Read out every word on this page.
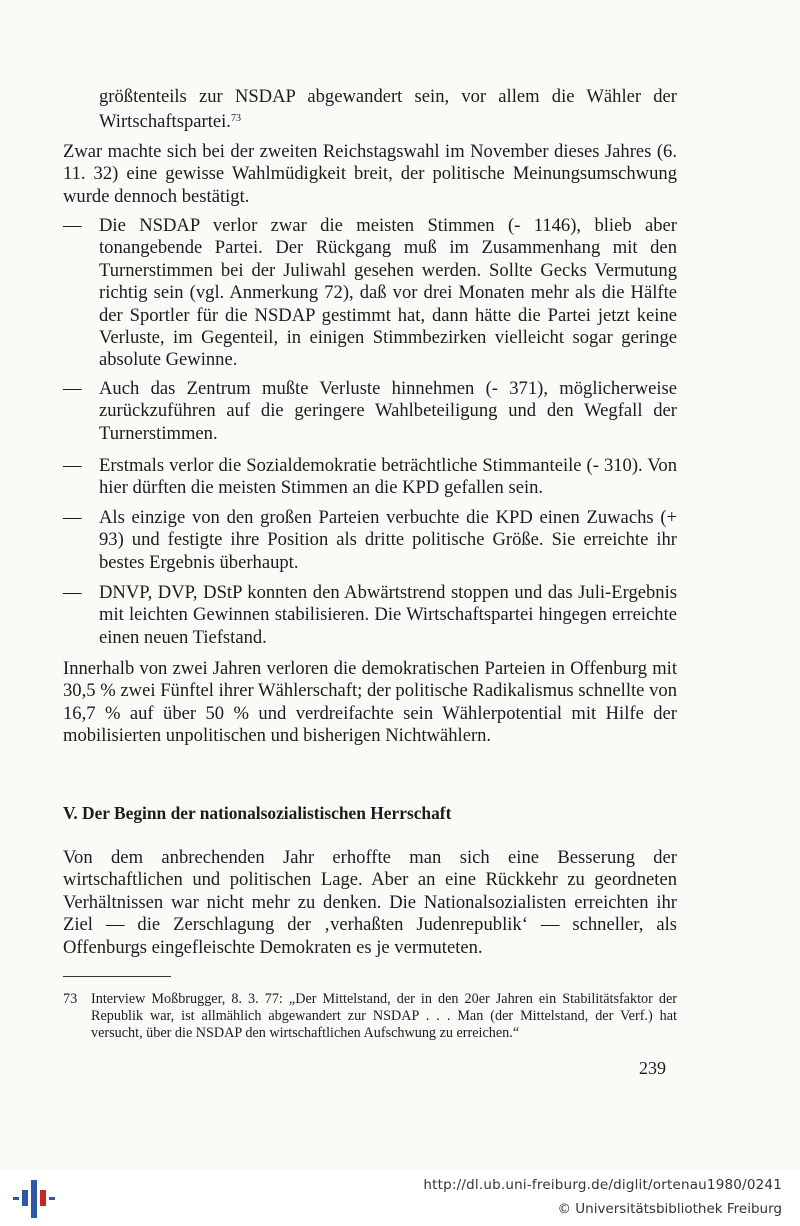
größtenteils zur NSDAP abgewandert sein, vor allem die Wähler der Wirtschaftspartei.$^{73}$

Zwar machte sich bei der zweiten Reichstagswahl im November dieses Jahres (6. 11. 32) eine gewisse Wahlmüdigkeit breit, der politische Meinungsumschwung wurde dennoch bestätigt.

— Die NSDAP verlor zwar die meisten Stimmen (- 1146), blieb aber tonangebende Partei. Der Rückgang muß im Zusammenhang mit den Turnerstimmen bei der Juliwahl gesehen werden. Sollte Gecks Vermutung richtig sein (vgl. Anmerkung 72), daß vor drei Monaten mehr als die Hälfte der Sportler für die NSDAP gestimmt hat, dann hätte die Partei jetzt keine Verluste, im Gegenteil, in einigen Stimmbezirken vielleicht sogar geringe absolute Gewinne.

— Auch das Zentrum mußte Verluste hinnehmen (- 371), möglicherweise zurückzuführen auf die geringere Wahlbeteiligung und den Wegfall der Turnerstimmen.

— Erstmals verlor die Sozialdemokratie beträchtliche Stimmanteile (- 310). Von hier dürften die meisten Stimmen an die KPD gefallen sein.

— Als einzige von den großen Parteien verbuchte die KPD einen Zuwachs (+ 93) und festigte ihre Position als dritte politische Größe. Sie erreichte ihr bestes Ergebnis überhaupt.

— DNVP, DVP, DStP konnten den Abwärtstrend stoppen und das Juli-Ergebnis mit leichten Gewinnen stabilisieren. Die Wirtschaftspartei hingegen erreichte einen neuen Tiefstand.

Innerhalb von zwei Jahren verloren die demokratischen Parteien in Offenburg mit 30,5 % zwei Fünftel ihrer Wählerschaft; der politische Radikalismus schnellte von 16,7 % auf über 50 % und verdreifachte sein Wählerpotential mit Hilfe der mobilisierten unpolitischen und bisherigen Nichtwählern.

V. Der Beginn der nationalsozialistischen Herrschaft

Von dem anbrechenden Jahr erhoffte man sich eine Besserung der wirtschaftlichen und politischen Lage. Aber an eine Rückkehr zu geordneten Verhältnissen war nicht mehr zu denken. Die Nationalsozialisten erreichten ihr Ziel — die Zerschlagung der ‚verhaßten Judenrepublik‘ — schneller, als Offenburgs eingefleischte Demokraten es je vermuteten.

73 Interview Moßbrugger, 8. 3. 77: „Der Mittelstand, der in den 20er Jahren ein Stabilitätsfaktor der Republik war, ist allmählich abgewandert zur NSDAP . . . Man (der Mittelstand, der Verf.) hat versucht, über die NSDAP den wirtschaftlichen Aufschwung zu erreichen.“
239
http://dl.ub.uni-freiburg.de/diglit/ortenau1980/0241
© Universitätsbibliothek Freiburg
